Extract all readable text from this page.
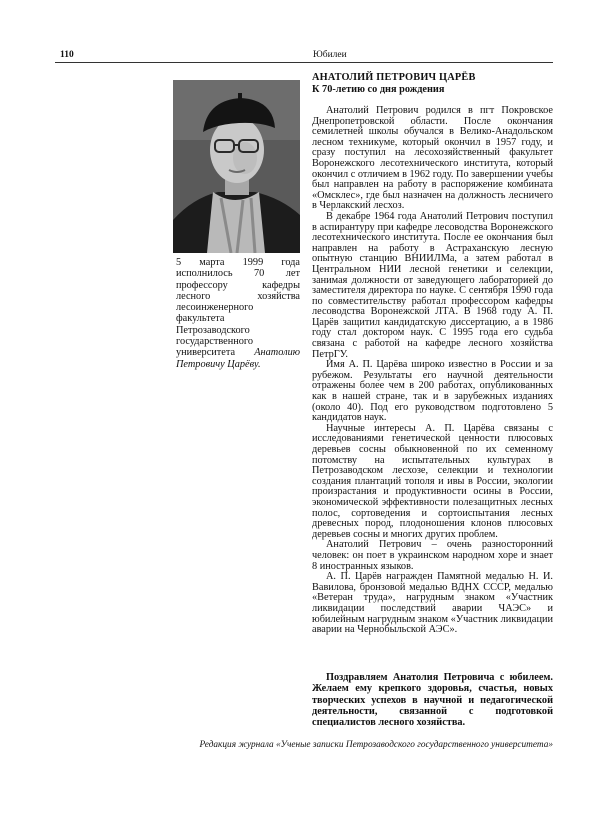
110	Юбилеи
5 марта 1999 года исполнилось 70 лет профессору кафедры лесного хозяйства лесоинженерного факультета Петрозаводского государственного университета Анатолию Петровичу Царёву.
АНАТОЛИЙ ПЕТРОВИЧ ЦАРЁВ
К 70-летию со дня рождения

Анатолий Петрович родился в пгт Покровское Днепропетровской области. После окончания семилетней школы обучался в Велико-Анадольском лесном техникуме, который окончил в 1957 году, и сразу поступил на лесохозяйственный факультет Воронежского лесотехнического института, который окончил с отличием в 1962 году. По завершении учебы был направлен на работу в распоряжение комбината «Омсклес», где был назначен на должность лесничего в Черлакский лесхоз.

В декабре 1964 года Анатолий Петрович поступил в аспирантуру при кафедре лесоводства Воронежского лесотехнического института. После ее окончания был направлен на работу в Астраханскую лесную опытную станцию ВНИИЛМа, а затем работал в Центральном НИИ лесной генетики и селекции, занимая должности от заведующего лабораторией до заместителя директора по науке. С сентября 1990 года по совместительству работал профессором кафедры лесоводства Воронежской ЛТА. В 1968 году А. П. Царёв защитил кандидатскую диссертацию, а в 1986 году стал доктором наук. С 1995 года его судьба связана с работой на кафедре лесного хозяйства ПетрГУ.

Имя А. П. Царёва широко известно в России и за рубежом. Результаты его научной деятельности отражены более чем в 200 работах, опубликованных как в нашей стране, так и в зарубежных изданиях (около 40). Под его руководством подготовлено 5 кандидатов наук.

Научные интересы А. П. Царёва связаны с исследованиями генетической ценности плюсовых деревьев сосны обыкновенной по их семенному потомству на испытательных культурах в Петрозаводском лесхозе, селекции и технологии создания плантаций тополя и ивы в России, экологии произрастания и продуктивности осины в России, экономической эффективности полезащитных лесных полос, сортоведения и сортоиспытания лесных древесных пород, плодоношения клонов плюсовых деревьев сосны и многих других проблем.

Анатолий Петрович – очень разносторонний человек: он поет в украинском народном хоре и знает 8 иностранных языков.

А. П. Царёв награжден Памятной медалью Н. И. Вавилова, бронзовой медалью ВДНХ СССР, медалью «Ветеран труда», нагрудным знаком «Участник ликвидации последствий аварии ЧАЭС» и юбилейным нагрудным знаком «Участник ликвидации аварии на Чернобыльской АЭС».

Поздравляем Анатолия Петровича с юбилеем. Желаем ему крепкого здоровья, счастья, новых творческих успехов в научной и педагогической деятельности, связанной с подготовкой специалистов лесного хозяйства.

Редакция журнала «Ученые записки Петрозаводского государственного университета»
